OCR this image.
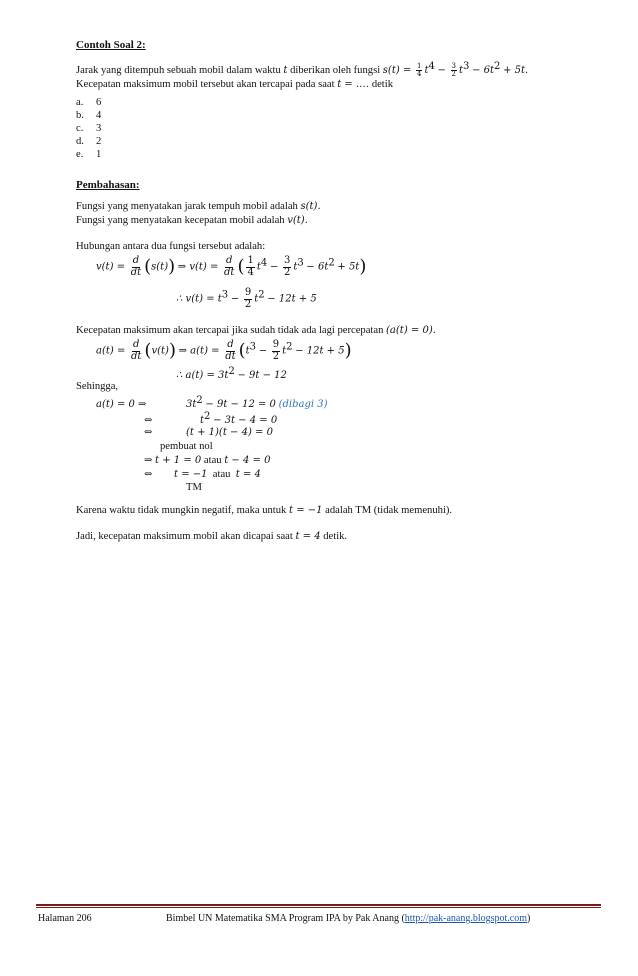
Contoh Soal 2:
Jarak yang ditempuh sebuah mobil dalam waktu t diberikan oleh fungsi $s(t) = \frac{1}{4} t^4 - \frac{3}{2} t^3 - 6t^2 + 5t$.
Kecepatan maksimum mobil tersebut akan tercapai pada saat t = .… detik
a. 6
b. 4
c. 3
d. 2
e. 1
Pembahasan:
Fungsi yang menyatakan jarak tempuh mobil adalah s(t).
Fungsi yang menyatakan kecepatan mobil adalah v(t).
Hubungan antara dua fungsi tersebut adalah:
$v(t) = \frac{d}{dt} (s(t))$ ⇒ $v(t) = \frac{d}{dt}$ ( $\frac{1}{4} t^4 - \frac{3}{2} t^3 - 6t^2 + 5t$)
∴ $v(t) = t^3 - \frac{9}{2} t^2 - 12t + 5$
Kecepatan maksimum akan tercapai jika sudah tidak ada lagi percepatan (a(t) = 0).
$a(t) = \frac{d}{dt} (v(t))$ ⇒ $a(t) = \frac{d}{dt} (t^3 - \frac{9}{2} t^2 - 12t + 5)$
∴ $a(t) = 3t^2 - 9t - 12$
Sehingga,
a(t) = 0 ⇒	$3t^2 - 9t - 12 = 0$ (dibagi 3)
⇔	$t^2 - 3t - 4 = 0$
⇔	(t + 1)(t − 4) = 0
pembuat nol
⇒ t + 1 = 0 atau t − 4 = 0
⇔ t = −1 atau t = 4
TM
Karena waktu tidak mungkin negatif, maka untuk t = −1 adalah TM (tidak memenuhi).
Jadi, kecepatan maksimum mobil akan dicapai saat t = 4 detik.
Halaman 206	Bimbel UN Matematika SMA Program IPA by Pak Anang (http://pak-anang.blogspot.com)
